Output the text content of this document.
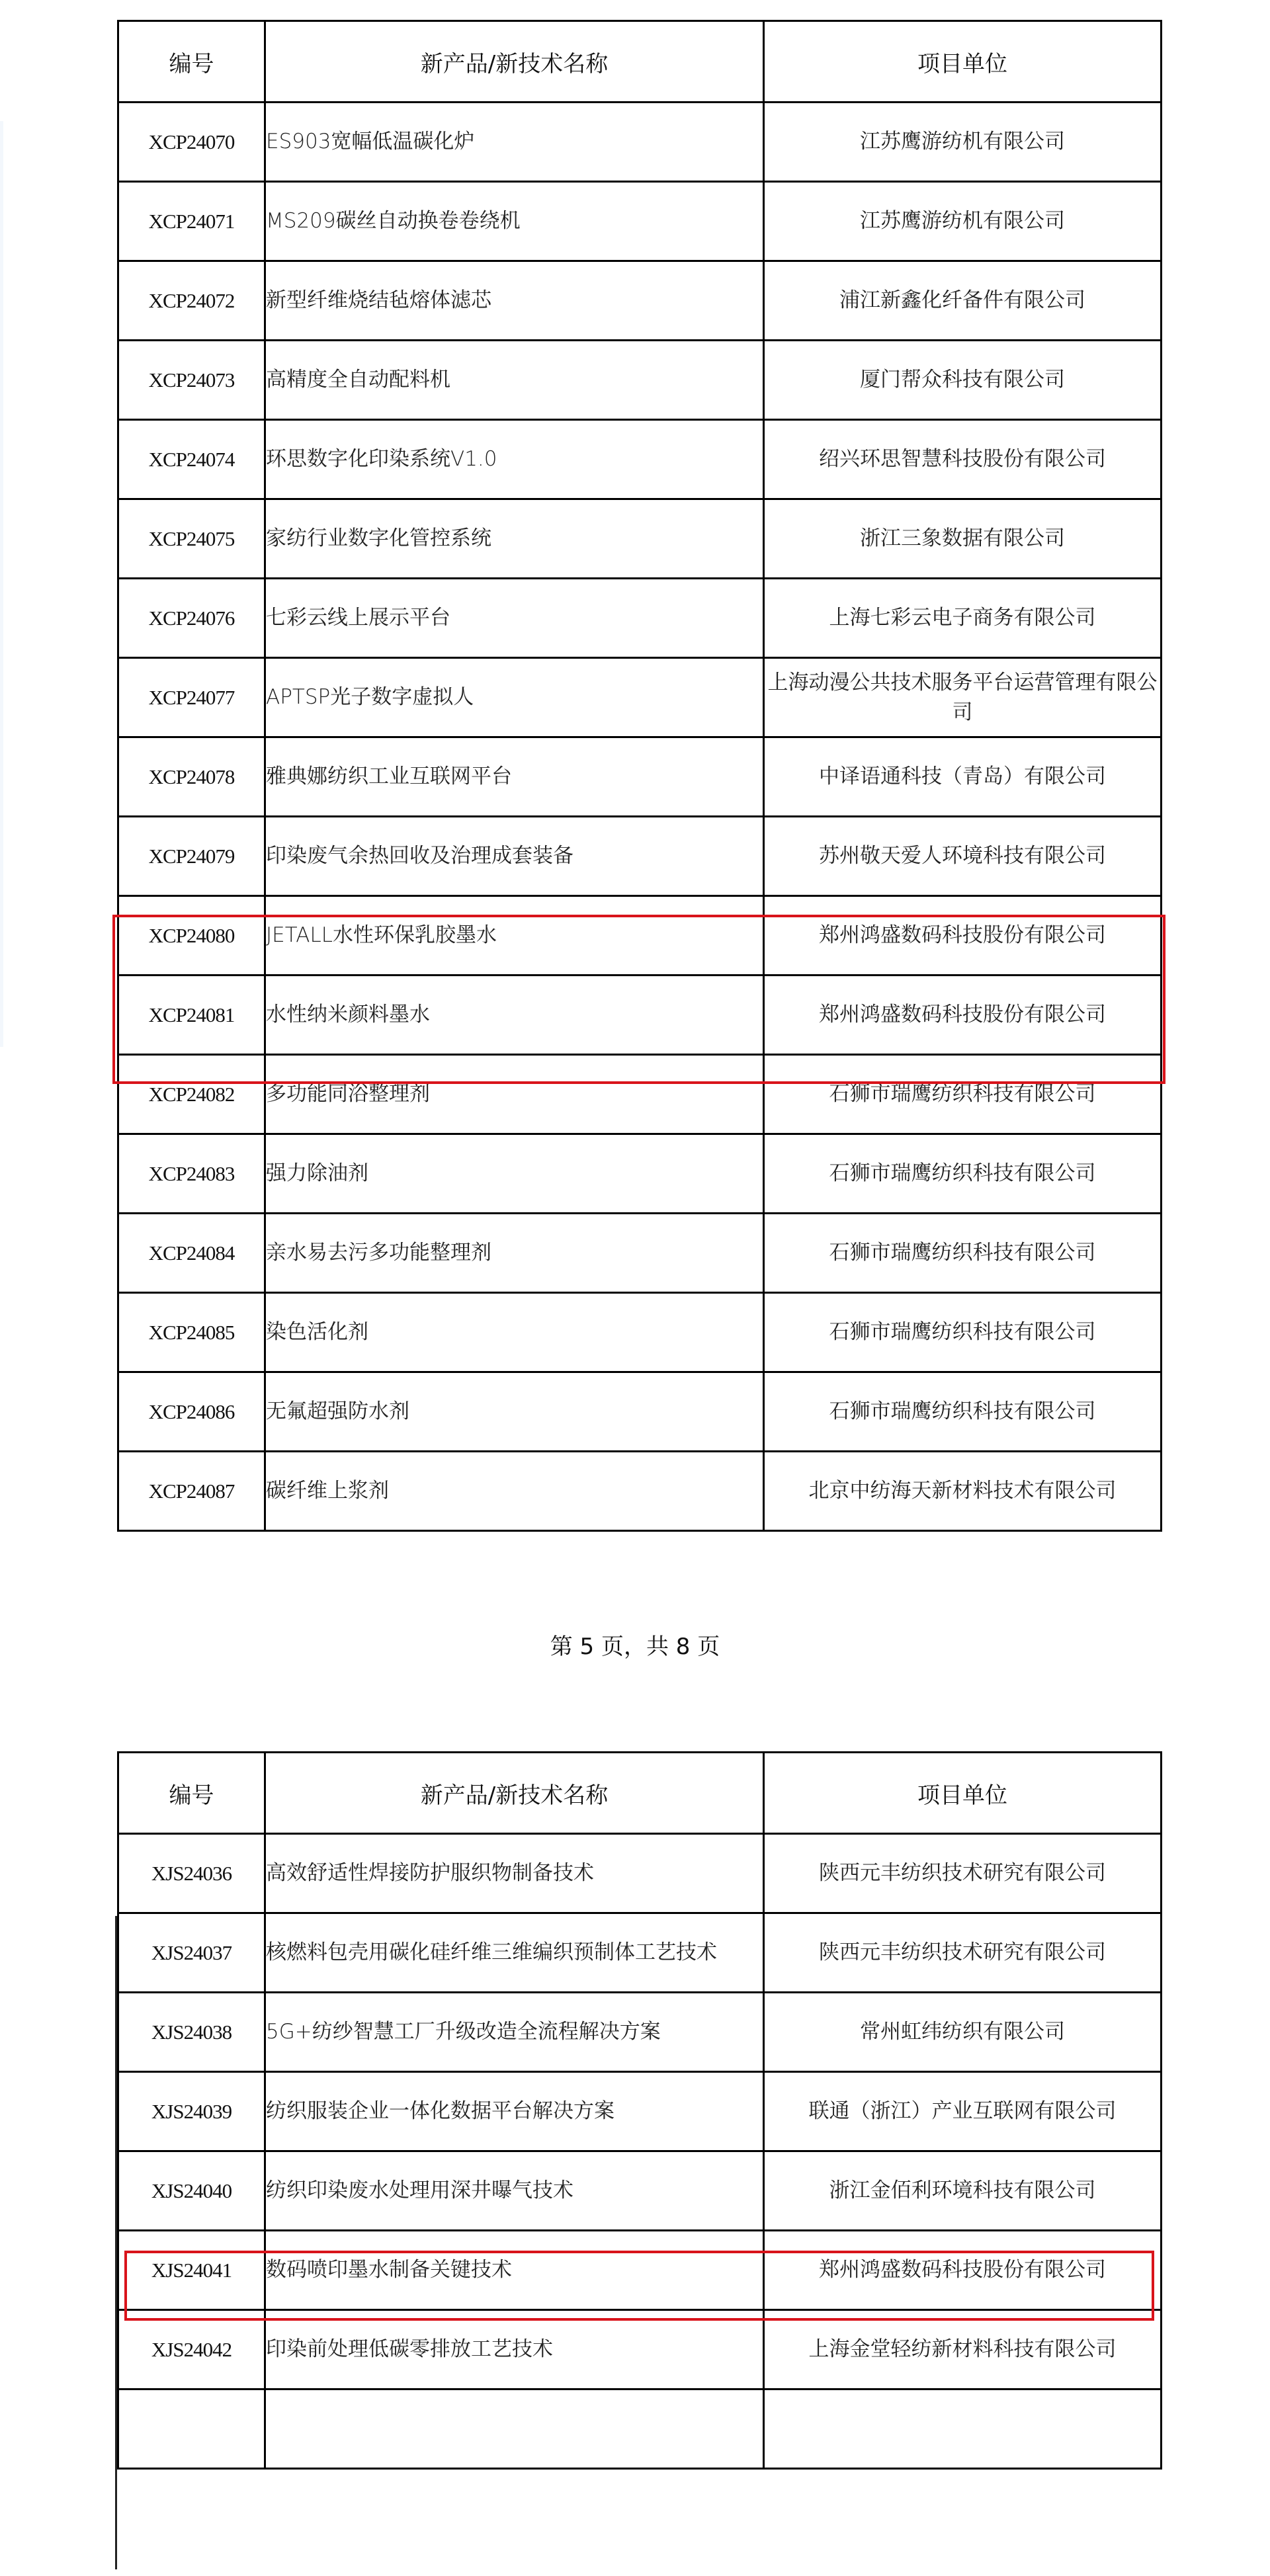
编号	新产品/新技术名称	项目单位
XCP24070	ES903宽幅低温碳化炉	江苏鹰游纺机有限公司
XCP24071	MS209碳丝自动换卷卷绕机	江苏鹰游纺机有限公司
XCP24072	新型纤维烧结毡熔体滤芯	浦江新鑫化纤备件有限公司
XCP24073	高精度全自动配料机	厦门帮众科技有限公司
XCP24074	环思数字化印染系统V1.0	绍兴环思智慧科技股份有限公司
XCP24075	家纺行业数字化管控系统	浙江三象数据有限公司
XCP24076	七彩云线上展示平台	上海七彩云电子商务有限公司
XCP24077	APTSP光子数字虚拟人	上海动漫公共技术服务平台运营管理有限公司
XCP24078	雅典娜纺织工业互联网平台	中译语通科技（青岛）有限公司
XCP24079	印染废气余热回收及治理成套装备	苏州敬天爱人环境科技有限公司
XCP24080	JETALL水性环保乳胶墨水	郑州鸿盛数码科技股份有限公司
XCP24081	水性纳米颜料墨水	郑州鸿盛数码科技股份有限公司
XCP24082	多功能同浴整理剂	石狮市瑞鹰纺织科技有限公司
XCP24083	强力除油剂	石狮市瑞鹰纺织科技有限公司
XCP24084	亲水易去污多功能整理剂	石狮市瑞鹰纺织科技有限公司
XCP24085	染色活化剂	石狮市瑞鹰纺织科技有限公司
XCP24086	无氟超强防水剂	石狮市瑞鹰纺织科技有限公司
XCP24087	碳纤维上浆剂	北京中纺海天新材料技术有限公司
第 5 页，共 8 页
编号	新产品/新技术名称	项目单位
XJS24036	高效舒适性焊接防护服织物制备技术	陕西元丰纺织技术研究有限公司
XJS24037	核燃料包壳用碳化硅纤维三维编织预制体工艺技术	陕西元丰纺织技术研究有限公司
XJS24038	5G+纺纱智慧工厂升级改造全流程解决方案	常州虹纬纺织有限公司
XJS24039	纺织服装企业一体化数据平台解决方案	联通（浙江）产业互联网有限公司
XJS24040	纺织印染废水处理用深井曝气技术	浙江金佰利环境科技有限公司
XJS24041	数码喷印墨水制备关键技术	郑州鸿盛数码科技股份有限公司
XJS24042	印染前处理低碳零排放工艺技术	上海金堂轻纺新材料科技有限公司
